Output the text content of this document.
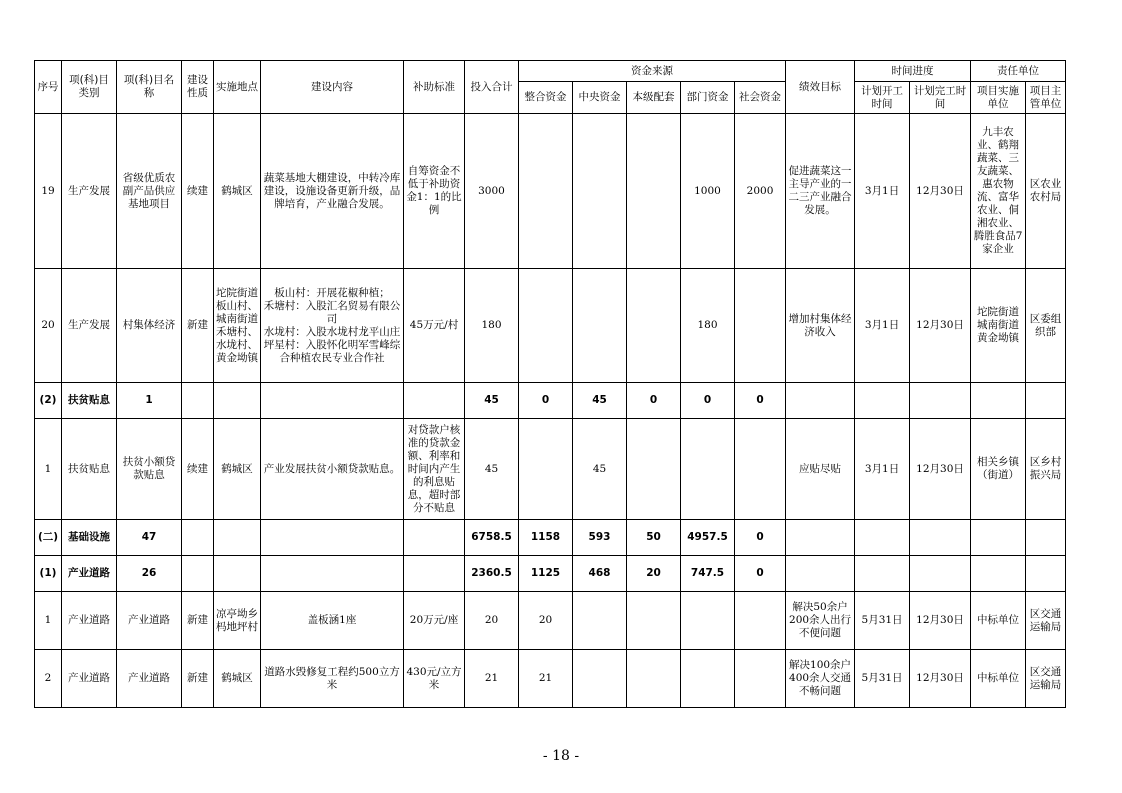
序号	项(科)目类别	项(科)目名称	建设性质	实施地点	建设内容	补助标准	投入合计	资金来源					绩效目标	时间进度		责任单位	
								整合资金	中央资金	本级配套	部门资金	社会资金		计划开工时间	计划完工时间	项目实施单位	项目主管单位
19	生产发展	省级优质农副产品供应基地项目	续建	鹤城区	蔬菜基地大棚建设，中转冷库建设，设施设备更新升级，品牌培育，产业融合发展。	自筹资金不低于补助资金1：1的比例	3000				1000	2000	促进蔬菜这一主导产业的一二三产业融合发展。	3月1日	12月30日	九丰农业、鹤翔蔬菜、三友蔬菜、惠农物流、富华农业、侗湘农业、腾胜食品7家企业	区农业农村局
20	生产发展	村集体经济	新建	坨院街道板山村、城南街道禾塘村、水垅村、黄金坳镇	板山村：开展花椒种植；
禾塘村：入股汇名贸易有限公司
水垅村：入股水垅村龙平山庄
坪星村：入股怀化明军雪峰综合种植农民专业合作社	45万元/村	180				180		增加村集体经济收入	3月1日	12月30日	坨院街道城南街道黄金坳镇	区委组织部
(2)	扶贫贴息	1					45	0	45	0	0	0					
1	扶贫贴息	扶贫小额贷款贴息	续建	鹤城区	产业发展扶贫小额贷款贴息。	对贷款户核准的贷款金额、利率和时间内产生的利息贴息，超时部分不贴息	45		45				应贴尽贴	3月1日	12月30日	相关乡镇（街道）	区乡村振兴局
(二)	基础设施	47					6758.5	1158	593	50	4957.5	0					
(1)	产业道路	26					2360.5	1125	468	20	747.5	0					
1	产业道路	产业道路	新建	凉亭坳乡杩地坪村	盖板涵1座	20万元/座	20	20					解决50余户200余人出行不便问题	5月31日	12月30日	中标单位	区交通运输局
2	产业道路	产业道路	新建	鹤城区	道路水毁修复工程约500立方米	430元/立方米	21	21					解决100余户400余人交通不畅问题	5月31日	12月30日	中标单位	区交通运输局
- 18 -
